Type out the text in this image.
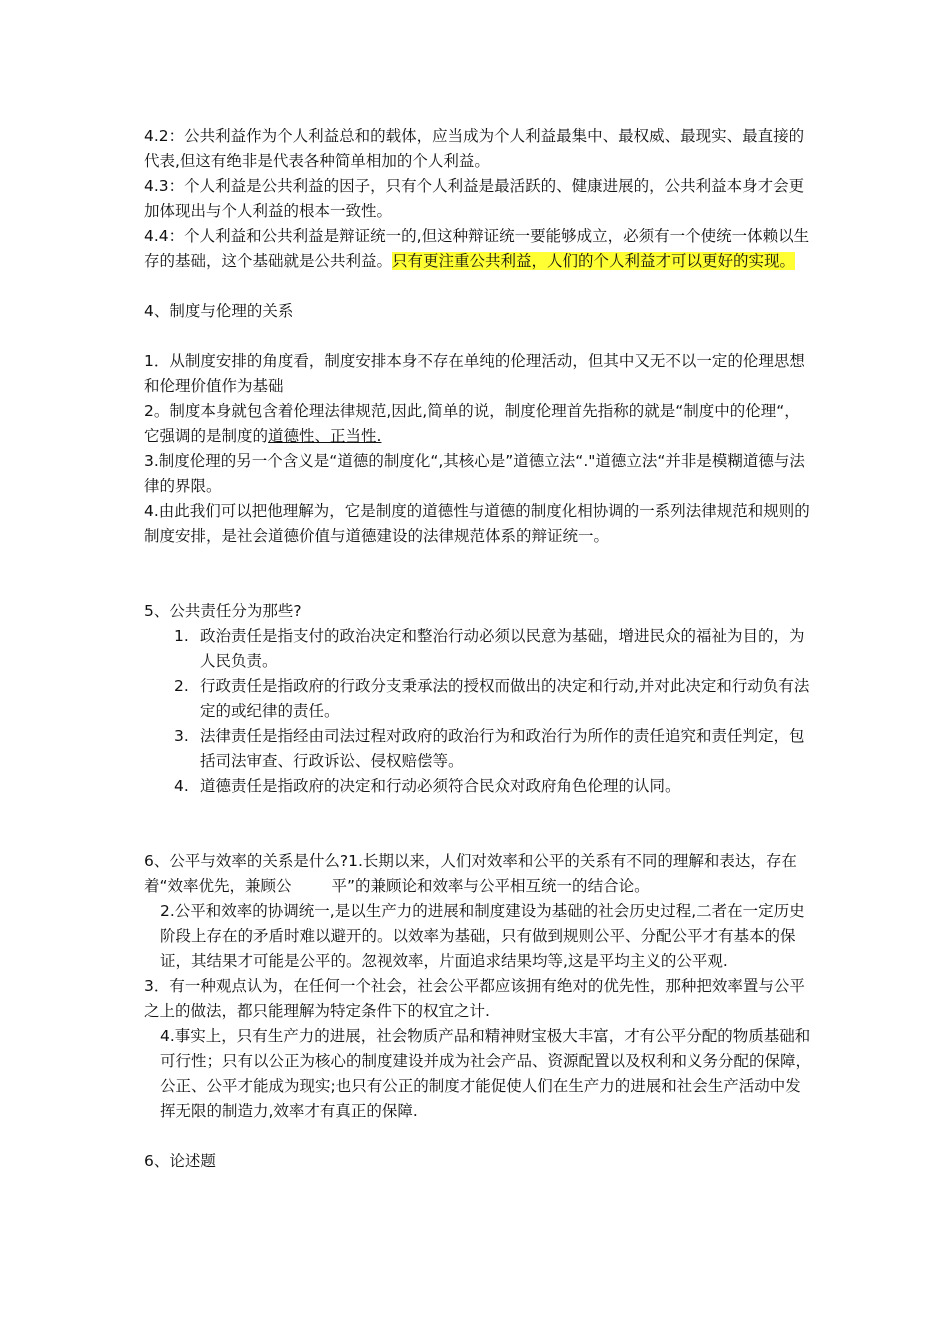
4.2：公共利益作为个人利益总和的载体，应当成为个人利益最集中、最权威、最现实、最直接的代表,但这有绝非是代表各种简单相加的个人利益。

4.3：个人利益是公共利益的因子，只有个人利益是最活跃的、健康进展的，公共利益本身才会更加体现出与个人利益的根本一致性。

4.4：个人利益和公共利益是辩证统一的,但这种辩证统一要能够成立，必须有一个使统一体赖以生存的基础，这个基础就是公共利益。只有更注重公共利益，人们的个人利益才可以更好的实现。

4、制度与伦理的关系

1．从制度安排的角度看，制度安排本身不存在单纯的伦理活动，但其中又无不以一定的伦理思想和伦理价值作为基础

2。制度本身就包含着伦理法律规范,因此,简单的说，制度伦理首先指称的就是“制度中的伦理“，它强调的是制度的道德性、正当性.

3.制度伦理的另一个含义是“道德的制度化“,其核心是”道德立法“."道德立法“并非是模糊道德与法律的界限。

4.由此我们可以把他理解为，它是制度的道德性与道德的制度化相协调的一系列法律规范和规则的制度安排，是社会道德价值与道德建设的法律规范体系的辩证统一。

5、公共责任分为那些?

1. 政治责任是指支付的政治决定和整治行动必须以民意为基础，增进民众的福祉为目的，为人民负责。
2. 行政责任是指政府的行政分支秉承法的授权而做出的决定和行动,并对此决定和行动负有法定的或纪律的责任。
3. 法律责任是指经由司法过程对政府的政治行为和政治行为所作的责任追究和责任判定，包括司法审查、行政诉讼、侵权赔偿等。
4. 道德责任是指政府的决定和行动必须符合民众对政府角色伦理的认同。

6、公平与效率的关系是什么?1.长期以来，人们对效率和公平的关系有不同的理解和表达，存在着“效率优先，兼顾公	平”的兼顾论和效率与公平相互统一的结合论。

2.公平和效率的协调统一,是以生产力的进展和制度建设为基础的社会历史过程,二者在一定历史阶段上存在的矛盾时难以避开的。以效率为基础，只有做到规则公平、分配公平才有基本的保证，其结果才可能是公平的。忽视效率，片面追求结果均等,这是平均主义的公平观.

3．有一种观点认为，在任何一个社会，社会公平都应该拥有绝对的优先性，那种把效率置与公平之上的做法，都只能理解为特定条件下的权宜之计.

4.事实上，只有生产力的进展，社会物质产品和精神财宝极大丰富，才有公平分配的物质基础和可行性；只有以公正为核心的制度建设并成为社会产品、资源配置以及权利和义务分配的保障，公正、公平才能成为现实;也只有公正的制度才能促使人们在生产力的进展和社会生产活动中发挥无限的制造力,效率才有真正的保障.

6、论述题
